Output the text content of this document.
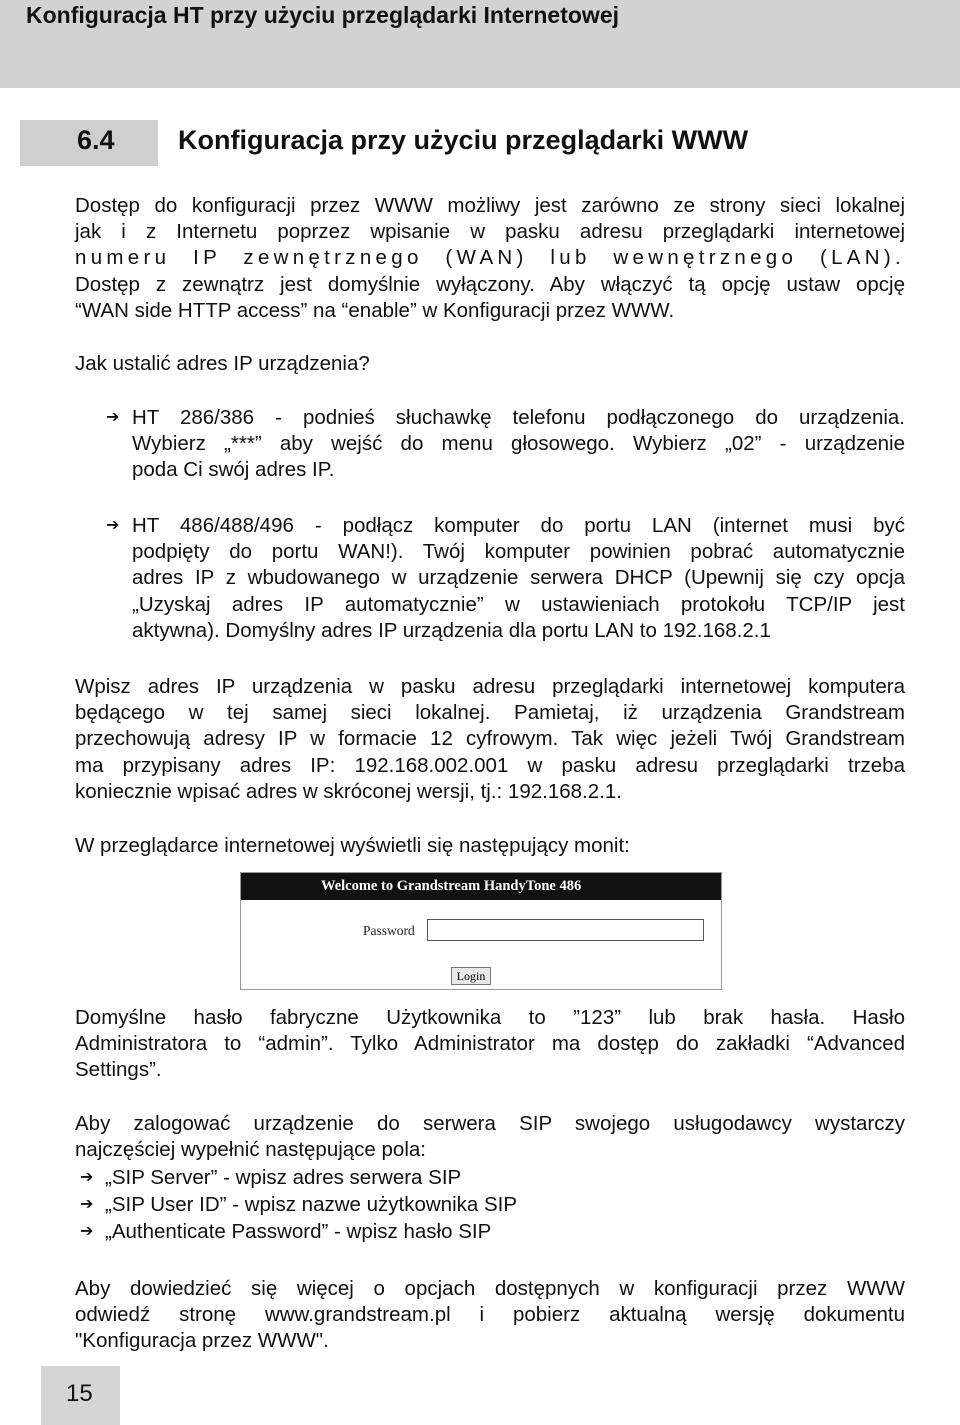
Konfiguracja HT przy użyciu przeglądarki Internetowej
6.4 Konfiguracja przy użyciu przeglądarki WWW
Dostęp do konfiguracji przez WWW możliwy jest zarówno ze strony sieci lokalnej
jak i z Internetu poprzez wpisanie w pasku adresu przeglądarki internetowej
numeru IP zewnętrznego (WAN) lub wewnętrznego (LAN).
Dostęp z zewnątrz jest domyślnie wyłączony. Aby włączyć tą opcję ustaw opcję
“WAN side HTTP access” na “enable” w Konfiguracji przez WWW.
Jak ustalić adres IP urządzenia?
➔ HT 286/386 - podnieś słuchawkę telefonu podłączonego do urządzenia.
Wybierz „***” aby wejść do menu głosowego. Wybierz „02” - urządzenie
poda Ci swój adres IP.
➔ HT 486/488/496 - podłącz komputer do portu LAN (internet musi być
podpięty do portu WAN!). Twój komputer powinien pobrać automatycznie
adres IP z wbudowanego w urządzenie serwera DHCP (Upewnij się czy opcja
„Uzyskaj adres IP automatycznie” w ustawieniach protokołu TCP/IP jest
aktywna). Domyślny adres IP urządzenia dla portu LAN to 192.168.2.1
Wpisz adres IP urządzenia w pasku adresu przeglądarki internetowej komputera
będącego w tej samej sieci lokalnej. Pamietaj, iż urządzenia Grandstream
przechowują adresy IP w formacie 12 cyfrowym. Tak więc jeżeli Twój Grandstream
ma przypisany adres IP: 192.168.002.001 w pasku adresu przeglądarki trzeba
koniecznie wpisać adres w skróconej wersji, tj.: 192.168.2.1.
W przeglądarce internetowej wyświetli się następujący monit:
Welcome to Grandstream HandyTone 486
Password
Login
Domyślne hasło fabryczne Użytkownika to ”123” lub brak hasła. Hasło
Administratora to “admin”. Tylko Administrator ma dostęp do zakładki “Advanced
Settings”.
Aby zalogować urządzenie do serwera SIP swojego usługodawcy wystarczy
najczęściej wypełnić następujące pola:
➔ „SIP Server” - wpisz adres serwera SIP
➔ „SIP User ID” - wpisz nazwe użytkownika SIP
➔ „Authenticate Password” - wpisz hasło SIP
Aby dowiedzieć się więcej o opcjach dostępnych w konfiguracji przez WWW
odwiedź stronę www.grandstream.pl i pobierz aktualną wersję dokumentu
"Konfiguracja przez WWW".
15
